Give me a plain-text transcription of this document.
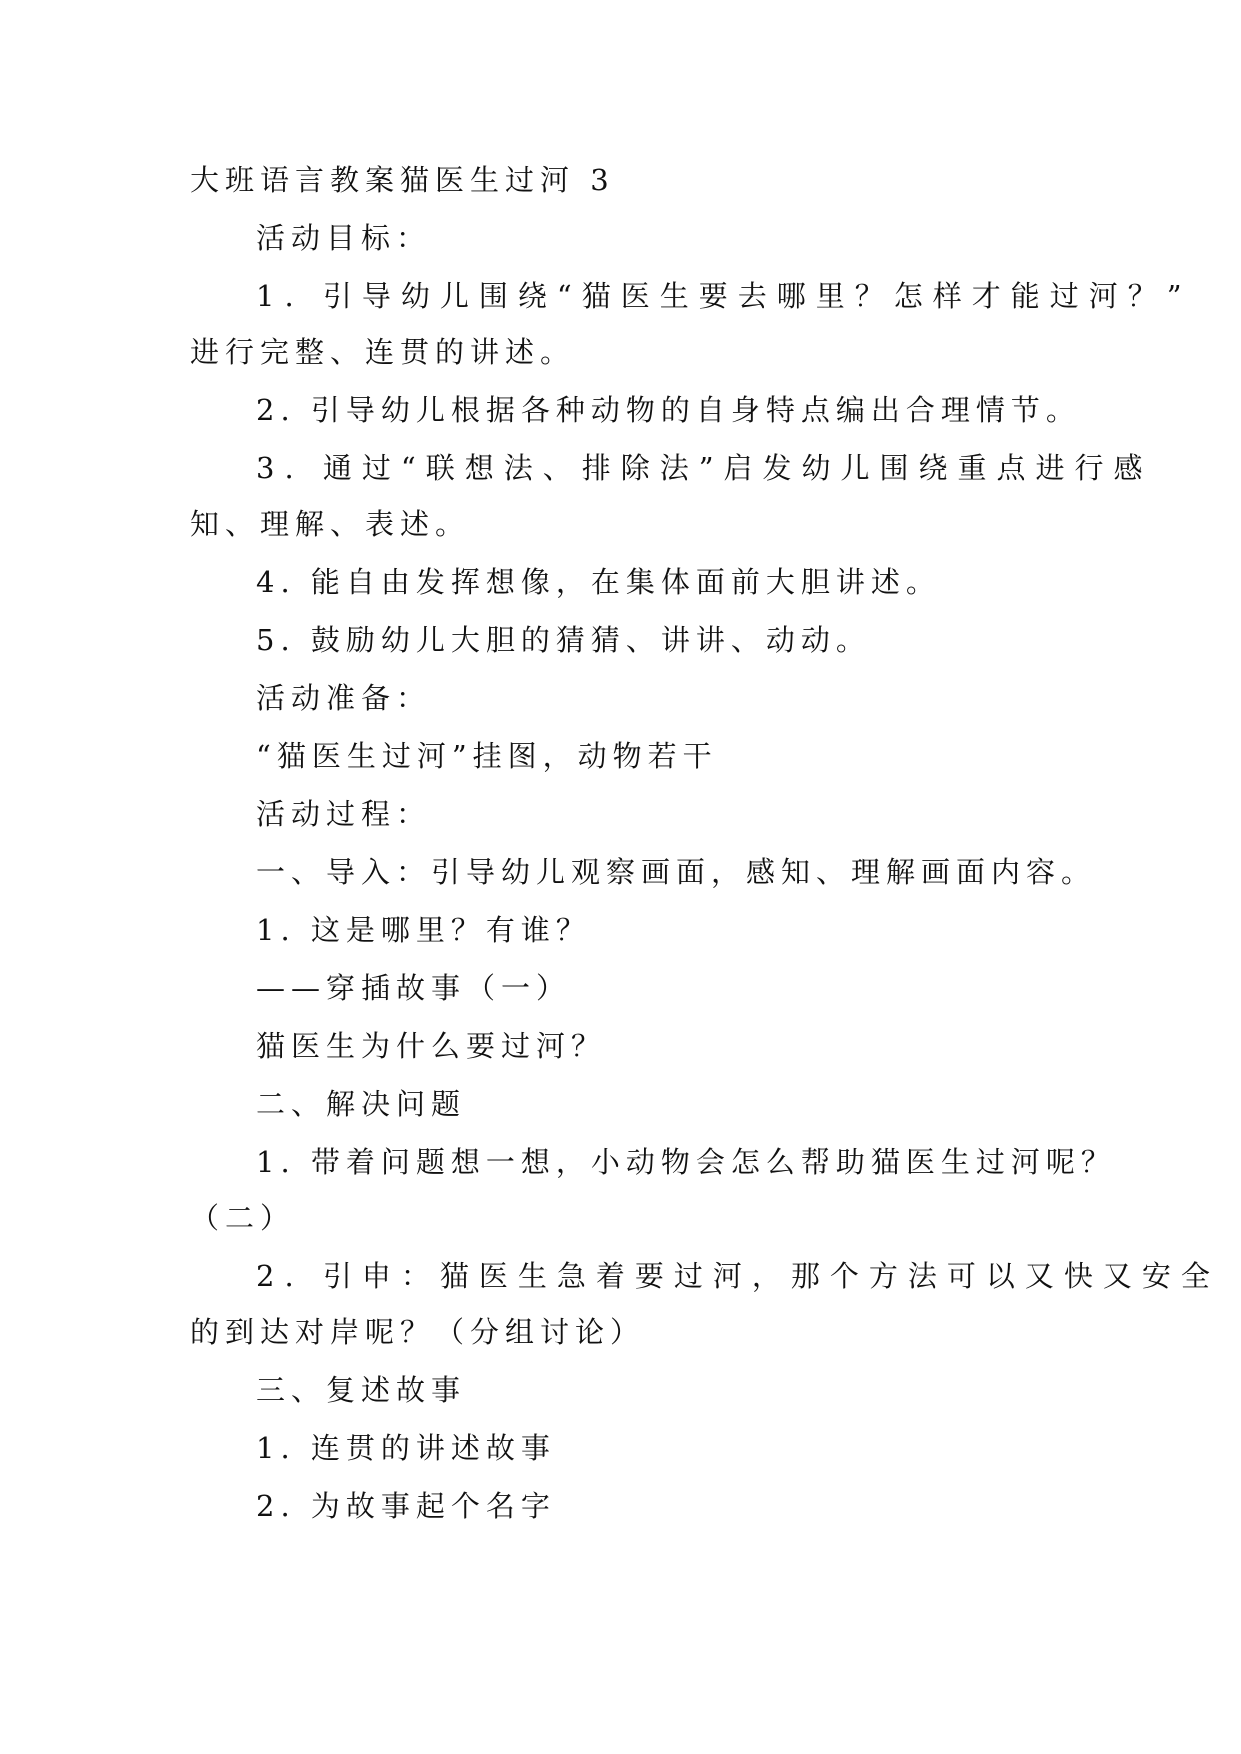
大班语言教案猫医生过河 3
活动目标：
1. 引导幼儿围绕“猫医生要去哪里？怎样才能过河？”
进行完整、连贯的讲述。
2. 引导幼儿根据各种动物的自身特点编出合理情节。
3. 通过“联想法、排除法”启发幼儿围绕重点进行感
知、理解、表述。
4. 能自由发挥想像，在集体面前大胆讲述。
5. 鼓励幼儿大胆的猜猜、讲讲、动动。
活动准备：
“猫医生过河”挂图，动物若干
活动过程：
一、导入：引导幼儿观察画面，感知、理解画面内容。
1. 这是哪里？有谁？
——穿插故事（一）
猫医生为什么要过河？
二、解决问题
1. 带着问题想一想，小动物会怎么帮助猫医生过河呢？
（二）
2. 引申：猫医生急着要过河，那个方法可以又快又安全
的到达对岸呢？（分组讨论）
三、复述故事
1. 连贯的讲述故事
2. 为故事起个名字
